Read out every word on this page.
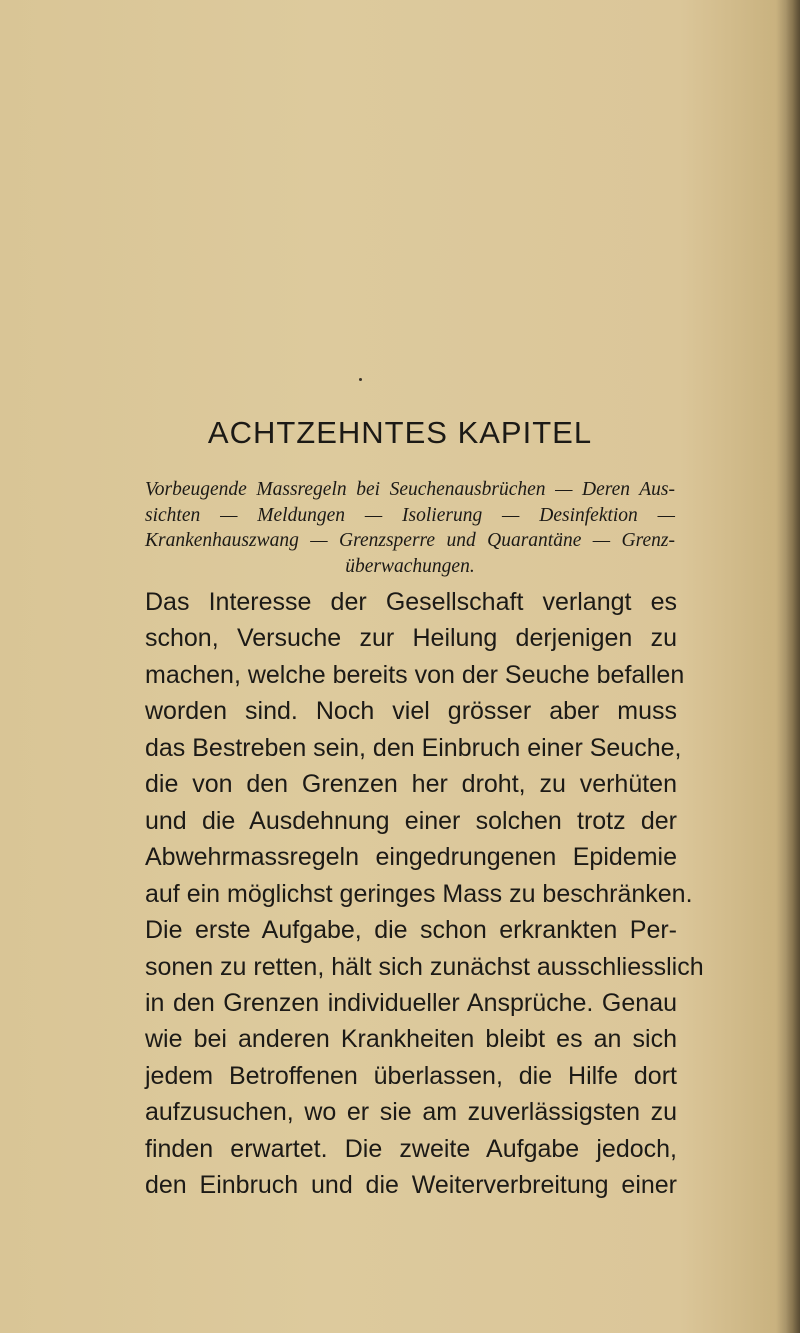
ACHTZEHNTES KAPITEL
Vorbeugende Massregeln bei Seuchenausbrüchen — Deren Aus-
sichten — Meldungen — Isolierung — Desinfektion —
Krankenhauszwang — Grenzsperre und Quarantäne — Grenz-
überwachungen.
Das Interesse der Gesellschaft verlangt es
schon, Versuche zur Heilung derjenigen zu
machen, welche bereits von der Seuche befallen
worden sind. Noch viel grösser aber muss
das Bestreben sein, den Einbruch einer Seuche,
die von den Grenzen her droht, zu verhüten
und die Ausdehnung einer solchen trotz der
Abwehrmassregeln eingedrungenen Epidemie
auf ein möglichst geringes Mass zu beschränken.
Die erste Aufgabe, die schon erkrankten Per-
sonen zu retten, hält sich zunächst ausschliesslich
in den Grenzen individueller Ansprüche. Genau
wie bei anderen Krankheiten bleibt es an sich
jedem Betroffenen überlassen, die Hilfe dort
aufzusuchen, wo er sie am zuverlässigsten zu
finden erwartet. Die zweite Aufgabe jedoch,
den Einbruch und die Weiterverbreitung einer
